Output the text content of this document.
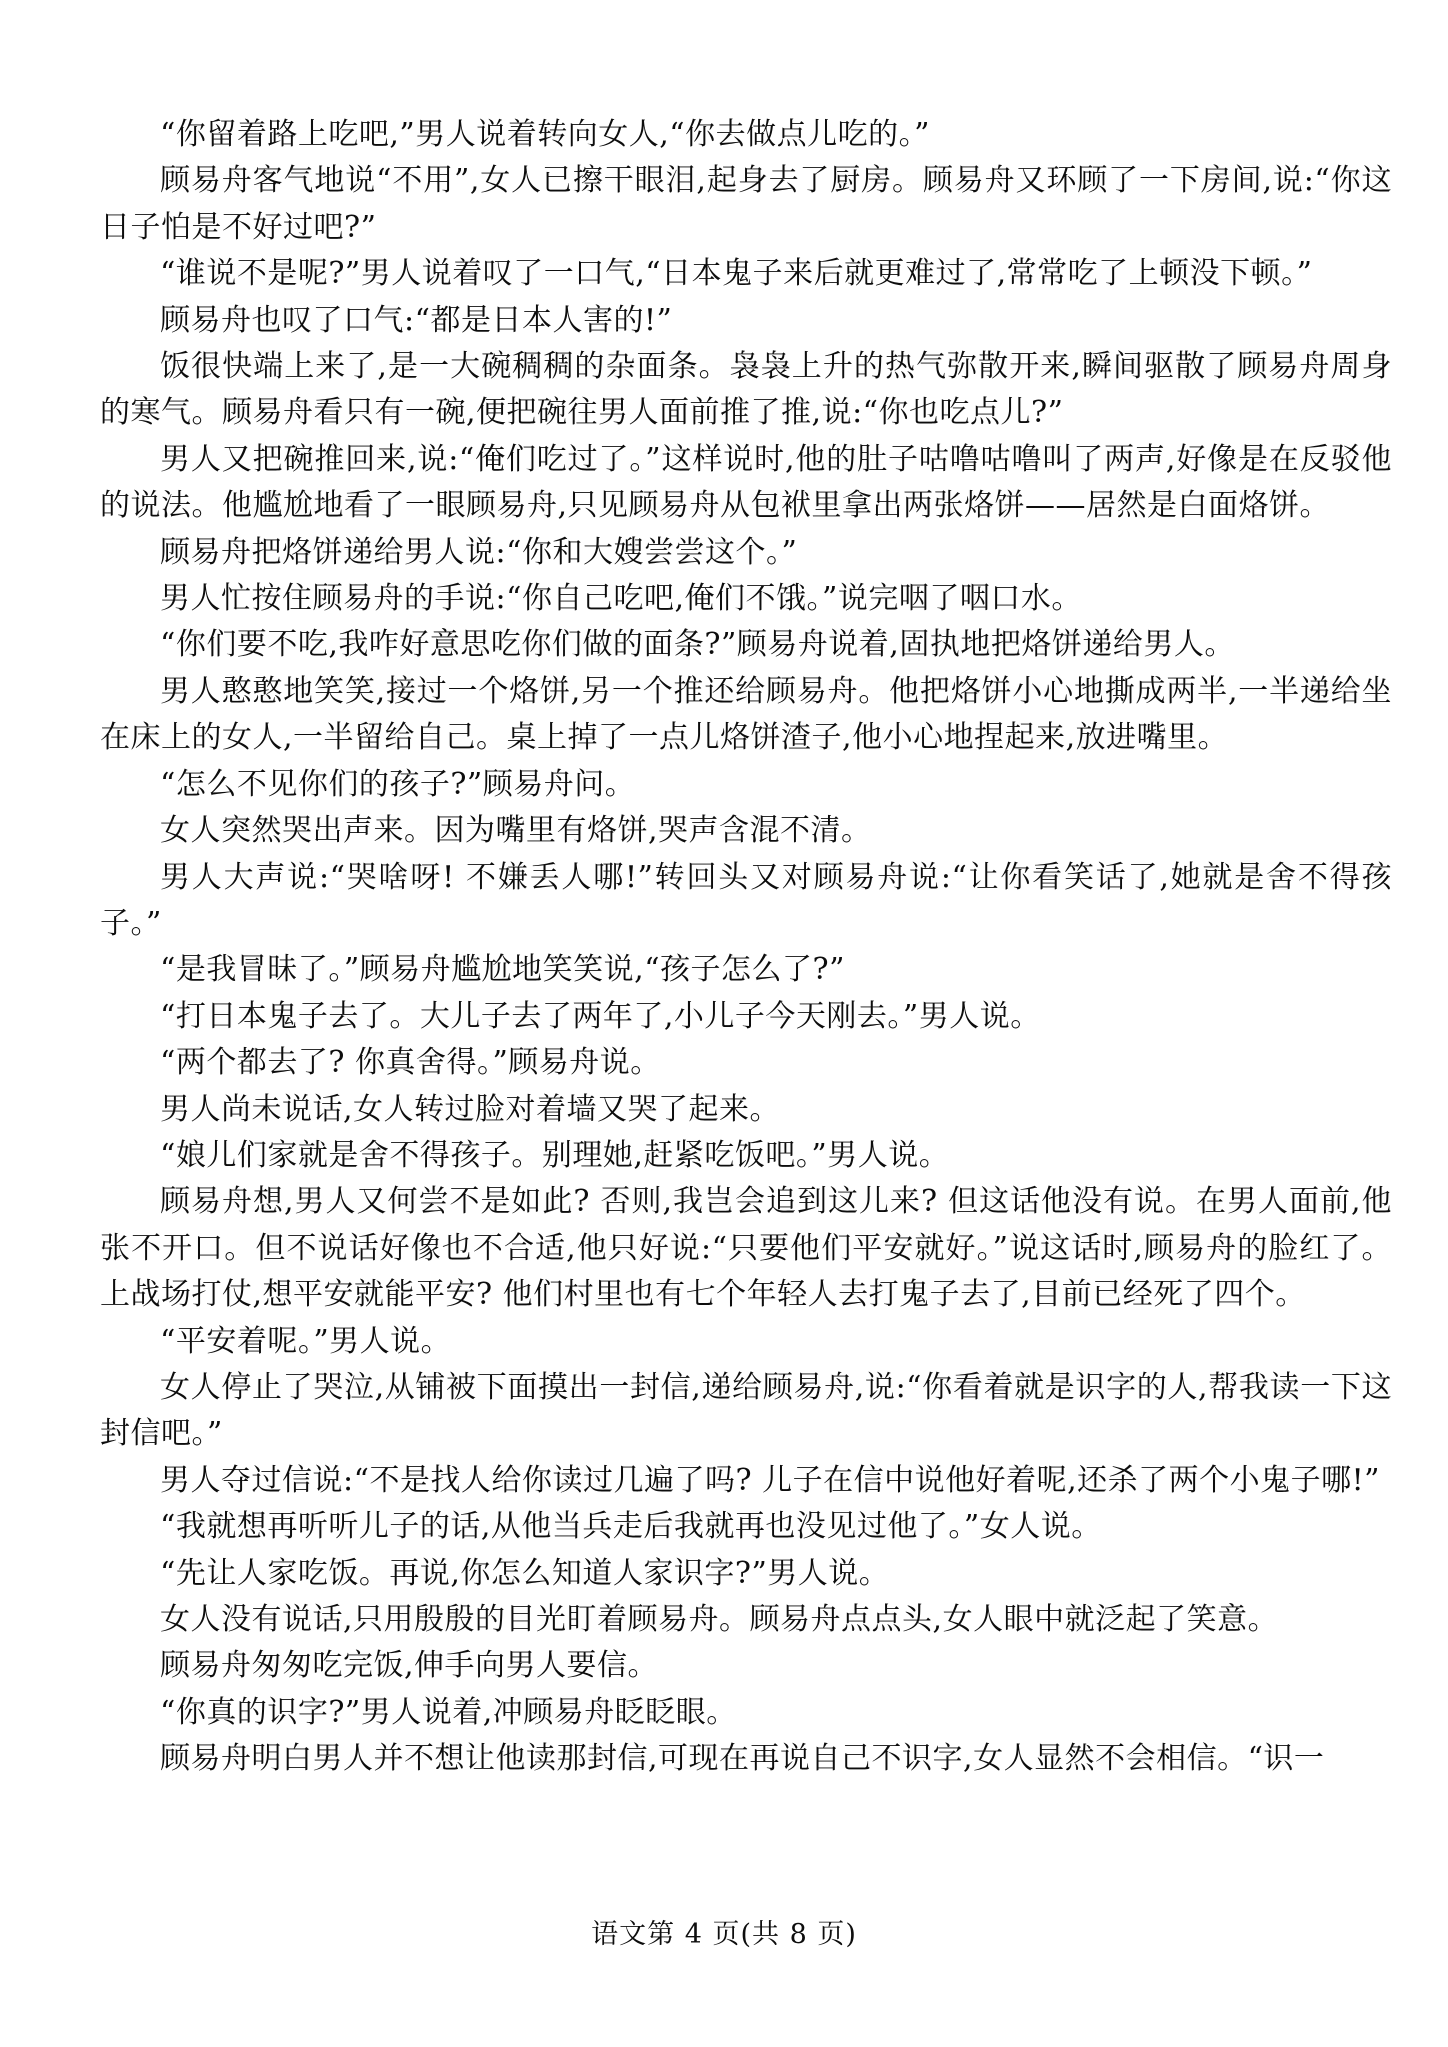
“你留着路上吃吧,”男人说着转向女人,“你去做点儿吃的。”

顾易舟客气地说“不用”,女人已擦干眼泪,起身去了厨房。顾易舟又环顾了一下房间,说:“你这日子怕是不好过吧?”

“谁说不是呢?”男人说着叹了一口气,“日本鬼子来后就更难过了,常常吃了上顿没下顿。”

顾易舟也叹了口气:“都是日本人害的!”

饭很快端上来了,是一大碗稠稠的杂面条。袅袅上升的热气弥散开来,瞬间驱散了顾易舟周身的寒气。顾易舟看只有一碗,便把碗往男人面前推了推,说:“你也吃点儿?”

男人又把碗推回来,说:“俺们吃过了。”这样说时,他的肚子咕噜咕噜叫了两声,好像是在反驳他的说法。他尴尬地看了一眼顾易舟,只见顾易舟从包袱里拿出两张烙饼——居然是白面烙饼。

顾易舟把烙饼递给男人说:“你和大嫂尝尝这个。”

男人忙按住顾易舟的手说:“你自己吃吧,俺们不饿。”说完咽了咽口水。

“你们要不吃,我咋好意思吃你们做的面条?”顾易舟说着,固执地把烙饼递给男人。

男人憨憨地笑笑,接过一个烙饼,另一个推还给顾易舟。他把烙饼小心地撕成两半,一半递给坐在床上的女人,一半留给自己。桌上掉了一点儿烙饼渣子,他小心地捏起来,放进嘴里。

“怎么不见你们的孩子?”顾易舟问。

女人突然哭出声来。因为嘴里有烙饼,哭声含混不清。

男人大声说:“哭啥呀! 不嫌丢人哪!”转回头又对顾易舟说:“让你看笑话了,她就是舍不得孩子。”

“是我冒昧了。”顾易舟尴尬地笑笑说,“孩子怎么了?”

“打日本鬼子去了。大儿子去了两年了,小儿子今天刚去。”男人说。

“两个都去了? 你真舍得。”顾易舟说。

男人尚未说话,女人转过脸对着墙又哭了起来。

“娘儿们家就是舍不得孩子。别理她,赶紧吃饭吧。”男人说。

顾易舟想,男人又何尝不是如此? 否则,我岂会追到这儿来? 但这话他没有说。在男人面前,他张不开口。但不说话好像也不合适,他只好说:“只要他们平安就好。”说这话时,顾易舟的脸红了。上战场打仗,想平安就能平安? 他们村里也有七个年轻人去打鬼子去了,目前已经死了四个。

“平安着呢。”男人说。

女人停止了哭泣,从铺被下面摸出一封信,递给顾易舟,说:“你看着就是识字的人,帮我读一下这封信吧。”

男人夺过信说:“不是找人给你读过几遍了吗? 儿子在信中说他好着呢,还杀了两个小鬼子哪!”

“我就想再听听儿子的话,从他当兵走后我就再也没见过他了。”女人说。

“先让人家吃饭。再说,你怎么知道人家识字?”男人说。

女人没有说话,只用殷殷的目光盯着顾易舟。顾易舟点点头,女人眼中就泛起了笑意。

顾易舟匆匆吃完饭,伸手向男人要信。

“你真的识字?”男人说着,冲顾易舟眨眨眼。

顾易舟明白男人并不想让他读那封信,可现在再说自己不识字,女人显然不会相信。“识一

语文第 4 页(共 8 页)
